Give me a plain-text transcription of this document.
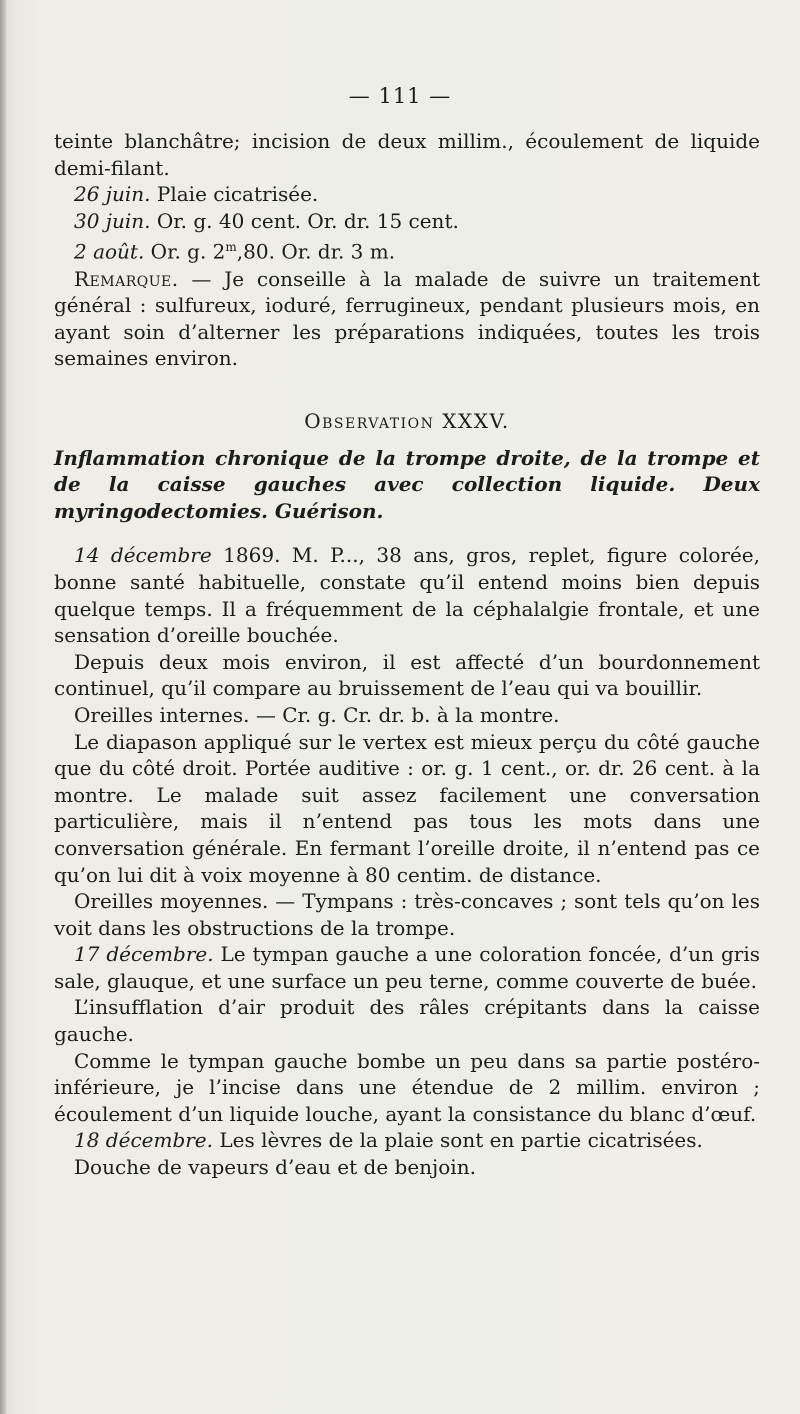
— 111 —

teinte blanchâtre; incision de deux millim., écoulement de liquide demi-filant.

26 juin. Plaie cicatrisée.

30 juin. Or. g. 40 cent. Or. dr. 15 cent.

2 août. Or. g. 2$^m$,80. Or. dr. 3 m.

Remarque. — Je conseille à la malade de suivre un traitement général : sulfureux, ioduré, ferrugineux, pendant plusieurs mois, en ayant soin d’alterner les préparations indiquées, toutes les trois semaines environ.

Observation XXXV.

Inflammation chronique de la trompe droite, de la trompe et de la caisse gauches avec collection liquide. Deux myringodectomies. Guérison.

14 décembre 1869. M. P..., 38 ans, gros, replet, figure colorée, bonne santé habituelle, constate qu’il entend moins bien depuis quelque temps. Il a fréquemment de la céphalalgie frontale, et une sensation d’oreille bouchée.

Depuis deux mois environ, il est affecté d’un bourdonnement continuel, qu’il compare au bruissement de l’eau qui va bouillir.

Oreilles internes. — Cr. g. Cr. dr. b. à la montre.

Le diapason appliqué sur le vertex est mieux perçu du côté gauche que du côté droit. Portée auditive : or. g. 1 cent., or. dr. 26 cent. à la montre. Le malade suit assez facilement une conversation particulière, mais il n’entend pas tous les mots dans une conversation générale. En fermant l’oreille droite, il n’entend pas ce qu’on lui dit à voix moyenne à 80 centim. de distance.

Oreilles moyennes. — Tympans : très-concaves ; sont tels qu’on les voit dans les obstructions de la trompe.

17 décembre. Le tympan gauche a une coloration foncée, d’un gris sale, glauque, et une surface un peu terne, comme couverte de buée.

L’insufflation d’air produit des râles crépitants dans la caisse gauche.

Comme le tympan gauche bombe un peu dans sa partie postéro-inférieure, je l’incise dans une étendue de 2 millim. environ ; écoulement d’un liquide louche, ayant la consistance du blanc d’œuf.

18 décembre. Les lèvres de la plaie sont en partie cicatrisées.

Douche de vapeurs d’eau et de benjoin.
